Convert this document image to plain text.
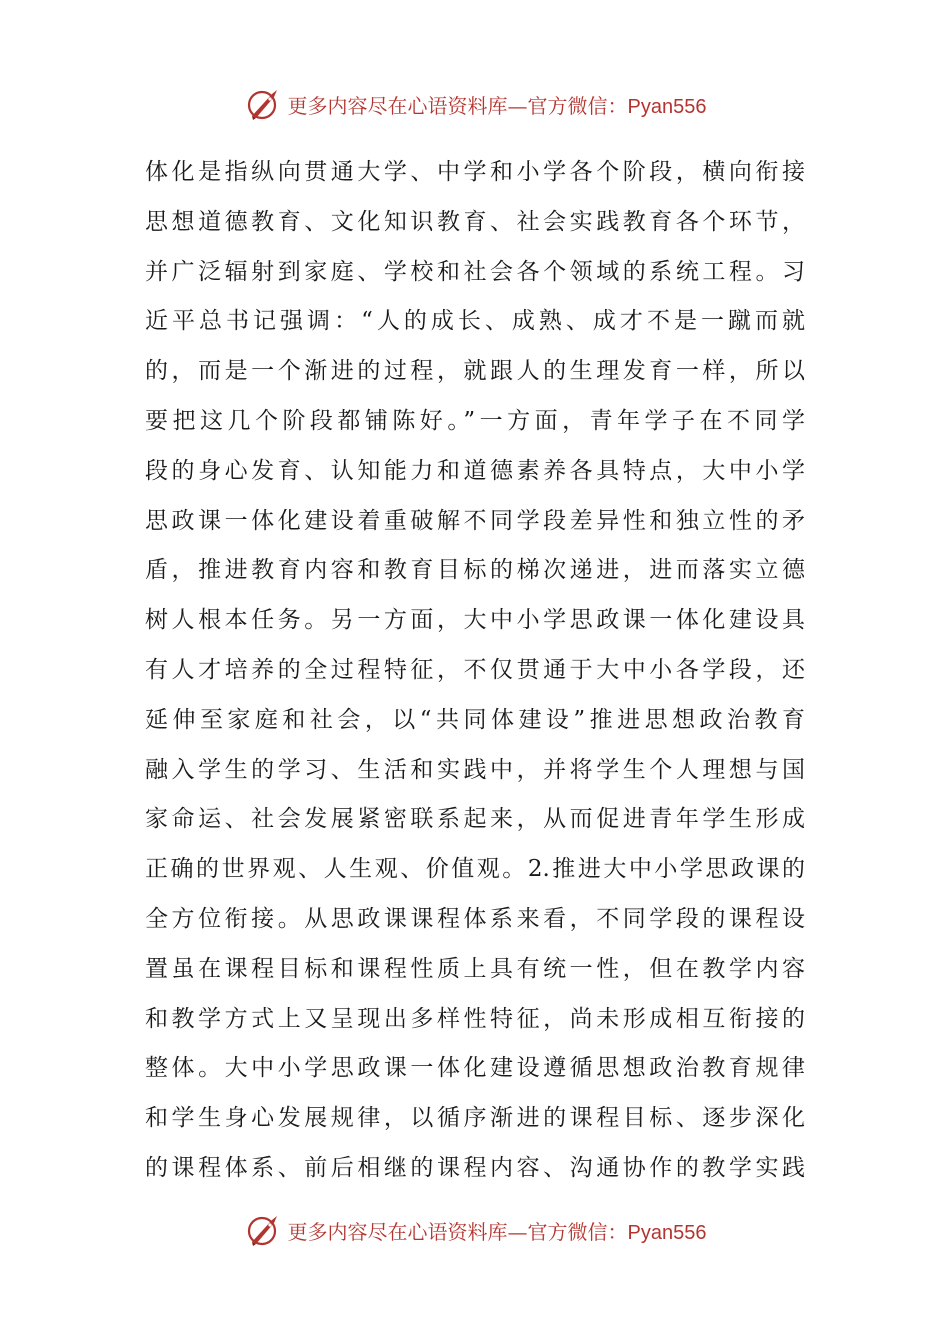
更多内容尽在心语资料库—官方微信：Pyan556
体化是指纵向贯通大学、中学和小学各个阶段，横向衔接
思想道德教育、文化知识教育、社会实践教育各个环节，
并广泛辐射到家庭、学校和社会各个领域的系统工程。习
近平总书记强调：“人的成长、成熟、成才不是一蹴而就
的，而是一个渐进的过程，就跟人的生理发育一样，所以
要把这几个阶段都铺陈好。”一方面，青年学子在不同学
段的身心发育、认知能力和道德素养各具特点，大中小学
思政课一体化建设着重破解不同学段差异性和独立性的矛
盾，推进教育内容和教育目标的梯次递进，进而落实立德
树人根本任务。另一方面，大中小学思政课一体化建设具
有人才培养的全过程特征，不仅贯通于大中小各学段，还
延伸至家庭和社会，以“共同体建设”推进思想政治教育
融入学生的学习、生活和实践中，并将学生个人理想与国
家命运、社会发展紧密联系起来，从而促进青年学生形成
正确的世界观、人生观、价值观。2.推进大中小学思政课的
全方位衔接。从思政课课程体系来看，不同学段的课程设
置虽在课程目标和课程性质上具有统一性，但在教学内容
和教学方式上又呈现出多样性特征，尚未形成相互衔接的
整体。大中小学思政课一体化建设遵循思想政治教育规律
和学生身心发展规律，以循序渐进的课程目标、逐步深化
的课程体系、前后相继的课程内容、沟通协作的教学实践
更多内容尽在心语资料库—官方微信：Pyan556
